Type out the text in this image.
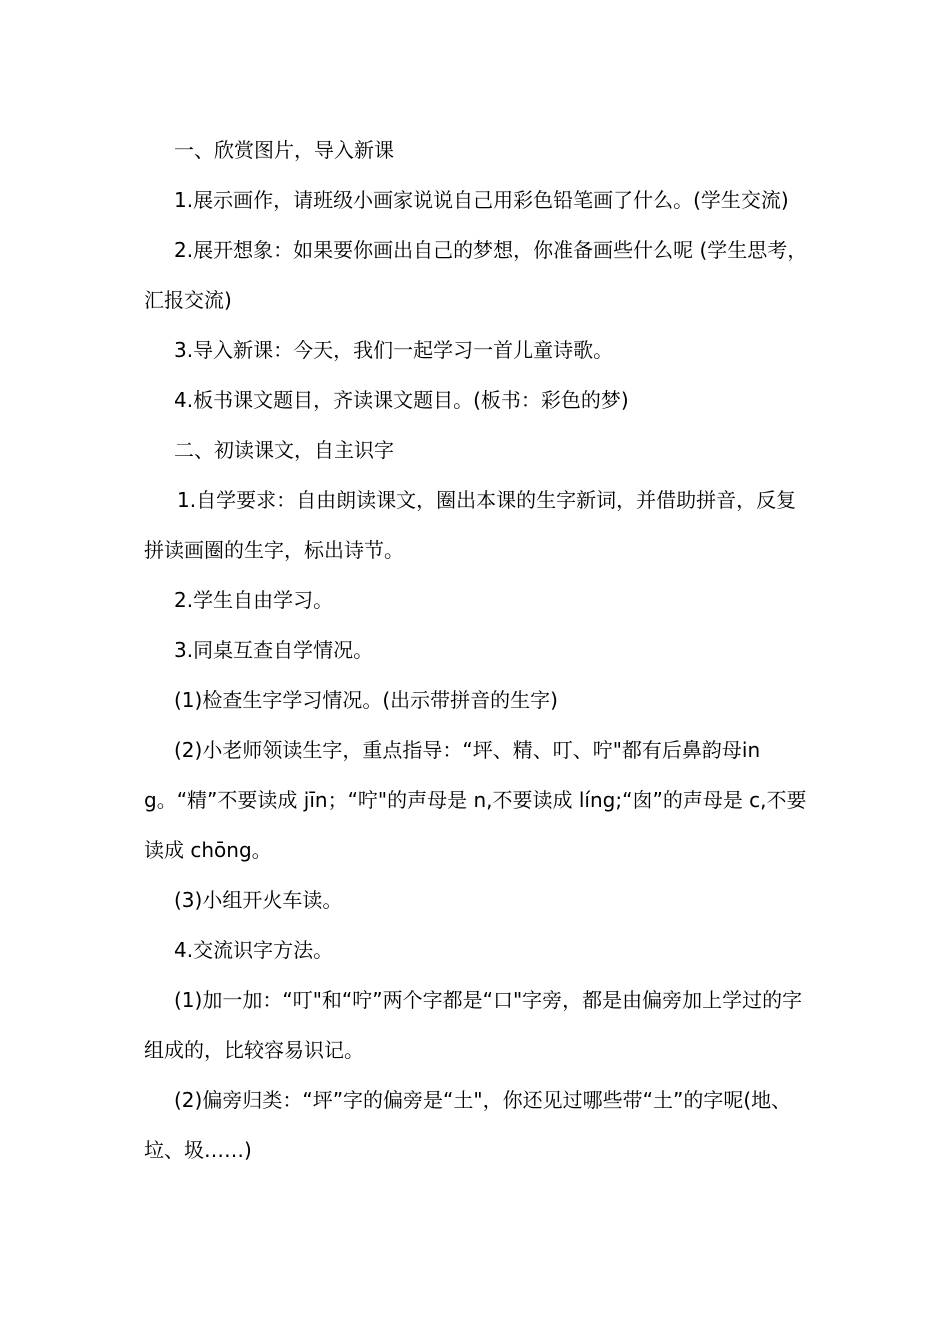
一、欣赏图片，导入新课

1.展示画作，请班级小画家说说自己用彩色铅笔画了什么。(学生交流)

2.展开想象：如果要你画出自己的梦想，你准备画些什么呢 (学生思考，汇报交流)

3.导入新课：今天，我们一起学习一首儿童诗歌。

4.板书课文题目，齐读课文题目。(板书：彩色的梦)

二、初读课文，自主识字

1.自学要求：自由朗读课文，圈出本课的生字新词，并借助拼音，反复拼读画圈的生字，标出诗节。

2.学生自由学习。

3.同桌互查自学情况。

(1)检查生字学习情况。(出示带拼音的生字)

(2)小老师领读生字，重点指导：“坪、精、叮、咛"都有后鼻韵母ing。“精”不要读成 jīn；“咛"的声母是 n,不要读成 líng;“囱”的声母是 c,不要读成 chōng。

(3)小组开火车读。

4.交流识字方法。

(1)加一加：“叮"和“咛”两个字都是“口"字旁，都是由偏旁加上学过的字组成的，比较容易识记。

(2)偏旁归类：“坪”字的偏旁是“土"，你还见过哪些带“土”的字呢(地、垃、圾……)
